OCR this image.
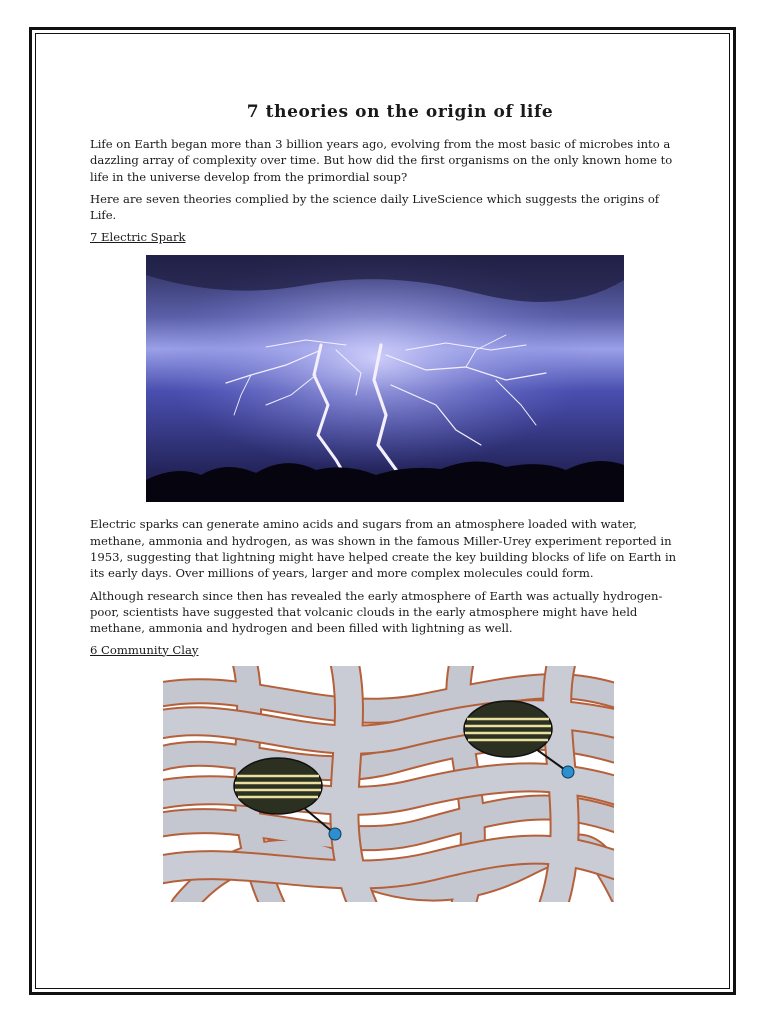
7 theories on the origin of life

Life on Earth began more than 3 billion years ago, evolving from the most basic of microbes into a dazzling array of complexity over time. But how did the first organisms on the only known home to life in the universe develop from the primordial soup?

Here are seven theories complied by the science daily LiveScience which suggests the origins of Life.

7 Electric Spark

Electric sparks can generate amino acids and sugars from an atmosphere loaded with water, methane, ammonia and hydrogen, as was shown in the famous Miller-Urey experiment reported in 1953, suggesting that lightning might have helped create the key building blocks of life on Earth in its early days. Over millions of years, larger and more complex molecules could form.

Although research since then has revealed the early atmosphere of Earth was actually hydrogen-poor, scientists have suggested that volcanic clouds in the early atmosphere might have held methane, ammonia and hydrogen and been filled with lightning as well.

6 Community Clay
